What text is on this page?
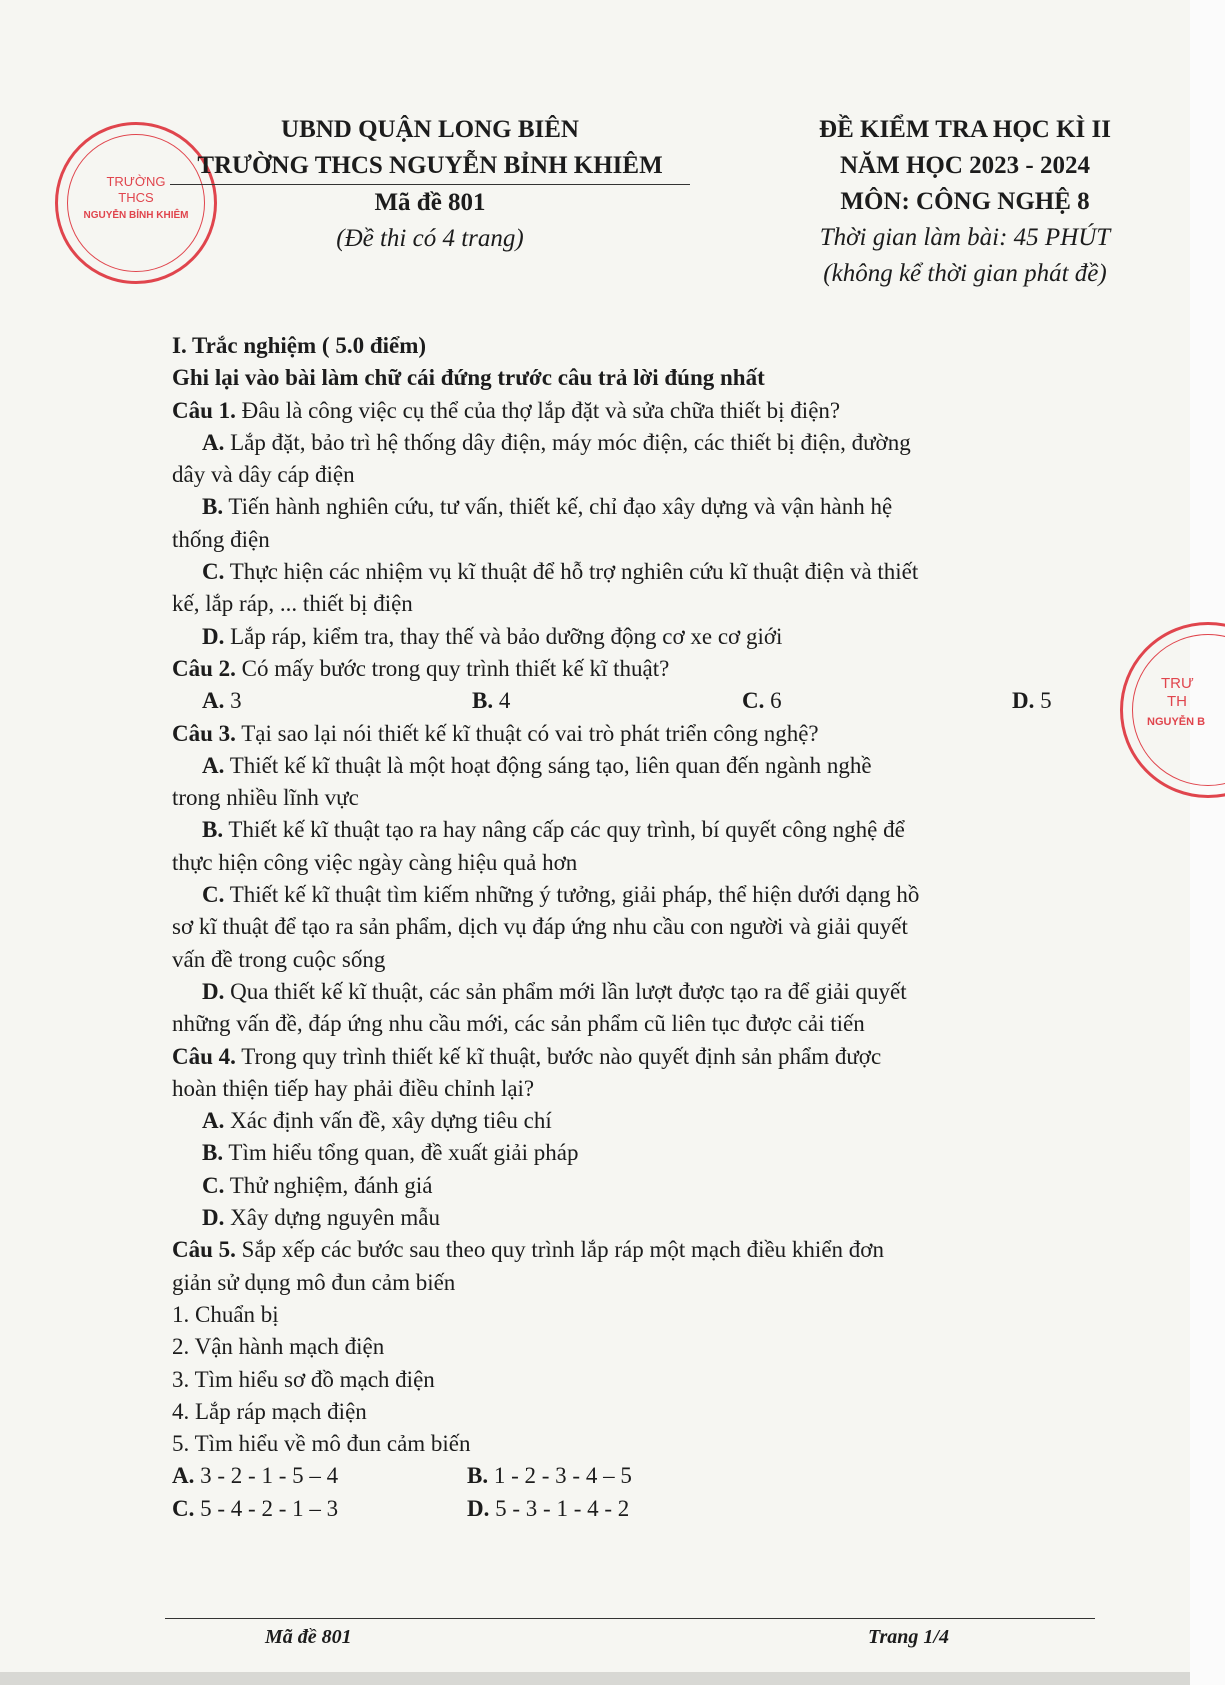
TRƯỜNG
THCS
NGUYỄN BỈNH KHIÊM
TRƯ
TH
NGUYỄN B
UBND QUẬN LONG BIÊN
TRƯỜNG THCS NGUYỄN BỈNH KHIÊM
Mã đề 801
(Đề thi có 4 trang)
ĐỀ KIỂM TRA HỌC KÌ II
NĂM HỌC 2023 - 2024
MÔN: CÔNG NGHỆ 8
Thời gian làm bài: 45 PHÚT
(không kể thời gian phát đề)

I. Trắc nghiệm ( 5.0 điểm)

Ghi lại vào bài làm chữ cái đứng trước câu trả lời đúng nhất

Câu 1. Đâu là công việc cụ thể của thợ lắp đặt và sửa chữa thiết bị điện?

A. Lắp đặt, bảo trì hệ thống dây điện, máy móc điện, các thiết bị điện, đường

dây và dây cáp điện

B. Tiến hành nghiên cứu, tư vấn, thiết kế, chỉ đạo xây dựng và vận hành hệ

thống điện

C. Thực hiện các nhiệm vụ kĩ thuật để hỗ trợ nghiên cứu kĩ thuật điện và thiết

kế, lắp ráp, ... thiết bị điện

D. Lắp ráp, kiểm tra, thay thế và bảo dưỡng động cơ xe cơ giới

Câu 2. Có mấy bước trong quy trình thiết kế kĩ thuật?

A. 3	B. 4	C. 6	D. 5

Câu 3. Tại sao lại nói thiết kế kĩ thuật có vai trò phát triển công nghệ?

A. Thiết kế kĩ thuật là một hoạt động sáng tạo, liên quan đến ngành nghề

trong nhiều lĩnh vực

B. Thiết kế kĩ thuật tạo ra hay nâng cấp các quy trình, bí quyết công nghệ để

thực hiện công việc ngày càng hiệu quả hơn

C. Thiết kế kĩ thuật tìm kiếm những ý tưởng, giải pháp, thể hiện dưới dạng hồ

sơ kĩ thuật để tạo ra sản phẩm, dịch vụ đáp ứng nhu cầu con người và giải quyết

vấn đề trong cuộc sống

D. Qua thiết kế kĩ thuật, các sản phẩm mới lần lượt được tạo ra để giải quyết

những vấn đề, đáp ứng nhu cầu mới, các sản phẩm cũ liên tục được cải tiến

Câu 4. Trong quy trình thiết kế kĩ thuật, bước nào quyết định sản phẩm được

hoàn thiện tiếp hay phải điều chỉnh lại?

A. Xác định vấn đề, xây dựng tiêu chí

B. Tìm hiểu tổng quan, đề xuất giải pháp

C. Thử nghiệm, đánh giá

D. Xây dựng nguyên mẫu

Câu 5. Sắp xếp các bước sau theo quy trình lắp ráp một mạch điều khiển đơn

giản sử dụng mô đun cảm biến

1. Chuẩn bị

2. Vận hành mạch điện

3. Tìm hiểu sơ đồ mạch điện

4. Lắp ráp mạch điện

5. Tìm hiểu về mô đun cảm biến

A. 3 - 2 - 1 - 5 – 4	B. 1 - 2 - 3 - 4 – 5
C. 5 - 4 - 2 - 1 – 3	D. 5 - 3 - 1 - 4 - 2
Mã đề 801	Trang 1/4
